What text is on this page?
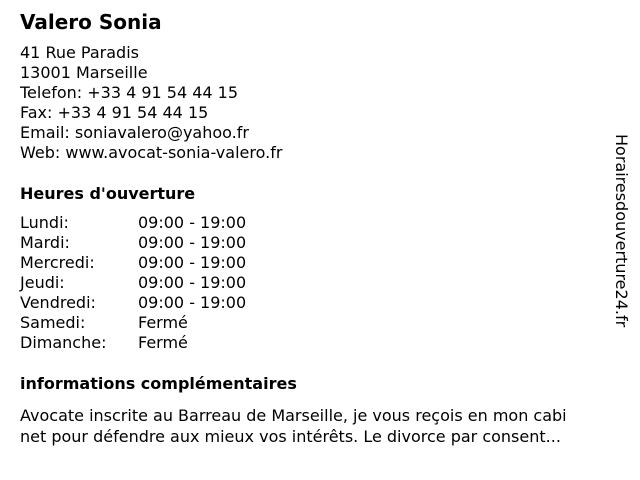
Valero Sonia
41 Rue Paradis
13001 Marseille
Telefon: +33 4 91 54 44 15
Fax: +33 4 91 54 44 15
Email: soniavalero@yahoo.fr
Web: www.avocat-sonia-valero.fr
Heures d'ouverture
Lundi:	09:00 - 19:00
Mardi:	09:00 - 19:00
Mercredi:	09:00 - 19:00
Jeudi:	09:00 - 19:00
Vendredi:	09:00 - 19:00
Samedi:	Fermé
Dimanche:	Fermé
informations complémentaires
Avocate inscrite au Barreau de Marseille, je vous reçois en mon cabi
net pour défendre aux mieux vos intérêts. Le divorce par consent...
Horairesdouverture24.fr
